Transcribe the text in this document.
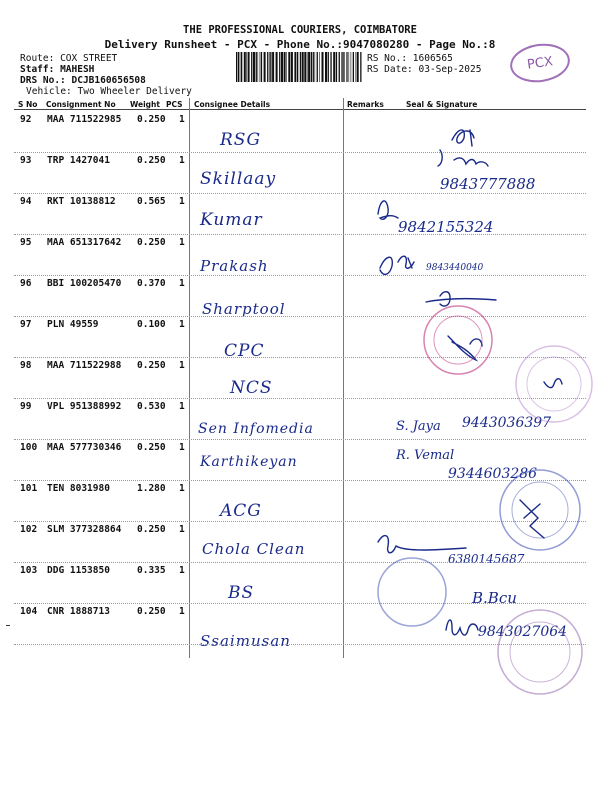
THE PROFESSIONAL COURIERS, COIMBATORE
Delivery Runsheet - PCX - Phone No.:9047080280 - Page No.:8
Route: COX STREET
Staff: MAHESH
DRS No.: DCJB160656508
Vehicle: Two Wheeler Delivery
RS No.: 1606565
RS Date: 03-Sep-2025	PCX
S No Consignment No Weight PCS Consignee Details	Remarks	Seal & Signature
92 MAA 711522985 0.250 1
RSG
93 TRP 1427041	0.250 1
Skillaay	9843777888
94 RKT 10138812 0.565 1
Kumar	9842155324
95 MAA 651317642 0.250 1
Prakash	9843440040
96 BBI 100205470 0.370 1
Sharptool
97 PLN 49559	0.100 1
CPC
98 MAA 711522988 0.250 1
NCS
99 VPL 951388992 0.530 1
Sen Infomedia	S. Jaya 9443036397
100 MAA 577730346 0.250 1
Karthikeyan	R. Vemal
9344603286
101 TEN 8031980	1.280 1
ACG
102 SLM 377328864 0.250 1
Chola Clean
6380145687
103 DDG 1153850	0.335 1
BS	B.Bcu
104 CNR 1888713	0.250 1
Ssaimusan	9843027064
